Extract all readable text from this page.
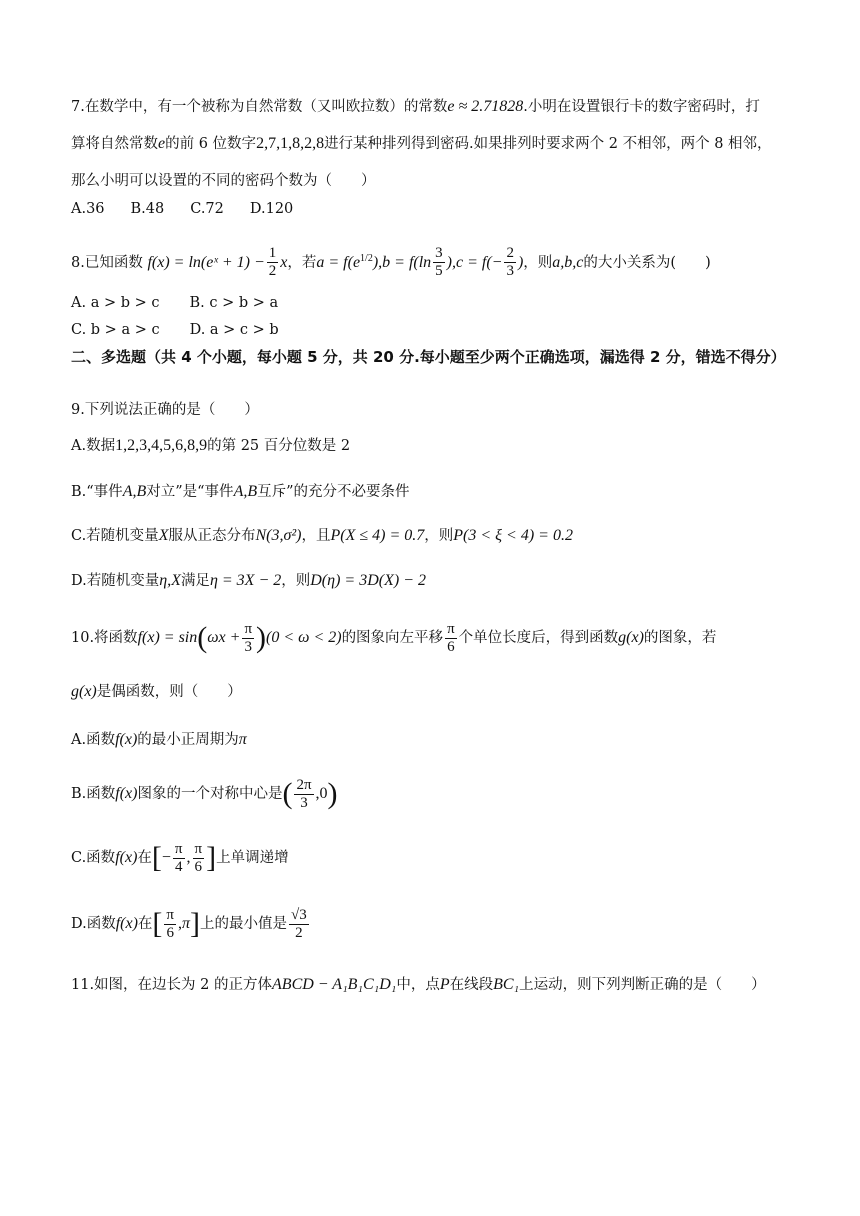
7.在数学中，有一个被称为自然常数（又叫欧拉数）的常数e ≈ 2.71828.小明在设置银行卡的数字密码时，打
算将自然常数e的前 6 位数字2,7,1,8,2,8进行某种排列得到密码.如果排列时要求两个 2 不相邻，两个 8 相邻，
那么小明可以设置的不同的密码个数为（　　）
A.36 B.48 C.72 D.120
8.已知函数 f(x) = ln(eˣ + $1) - \frac{1}{2}$ x，若$a = f(e^{1/2}),b = f(\ln \frac{3}{5} ),c = f(- \frac{2}{3}$ )，则a,b,c的大小关系为(　　)
A. a > b > c B. c > b > a
C. b > a > c D. a > c > b
二、多选题（共 4 个小题，每小题 5 分，共 20 分.每小题至少两个正确选项，漏选得 2 分，错选不得分）
9.下列说法正确的是（　　）
A.数据1,2,3,4,5,6,8,9的第 25 百分位数是 2
B.“事件A,B对立”是“事件A,B互斥”的充分不必要条件
C.若随机变量X服从正态分布N(3,σ²)，且P(X ≤ 4) = 0.7，则P(3 < ξ < 4) = 0.2
D.若随机变量η,X满足η = 3X − 2，则D(η) = 3D(X) − 2
10.将函数$f(x) = \sin(\omega x + \frac{\pi}{3} )(0 < \omega < 2)$的图象向左平移 $\frac{\pi}{6}$ 个单位长度后，得到函数g(x)的图象，若
g(x)是偶函数，则（　　）
A.函数f(x)的最小正周期为π
B.函数f(x)图象的一个对称中心是( $\frac{2\pi}{3} ,0$)
C.函数f(x)在[− $\frac{\pi}{4}$ , $\frac{\pi}{6}$ ]上单调递增
D.函数f(x)在[ $\frac{\pi}{6} ,\pi$]上的最小值是 $\frac{√3}{2}$
11.如图，在边长为 2 的正方体ABCD − A₁B₁C₁D₁中，点P在线段BC₁上运动，则下列判断正确的是（　　）
